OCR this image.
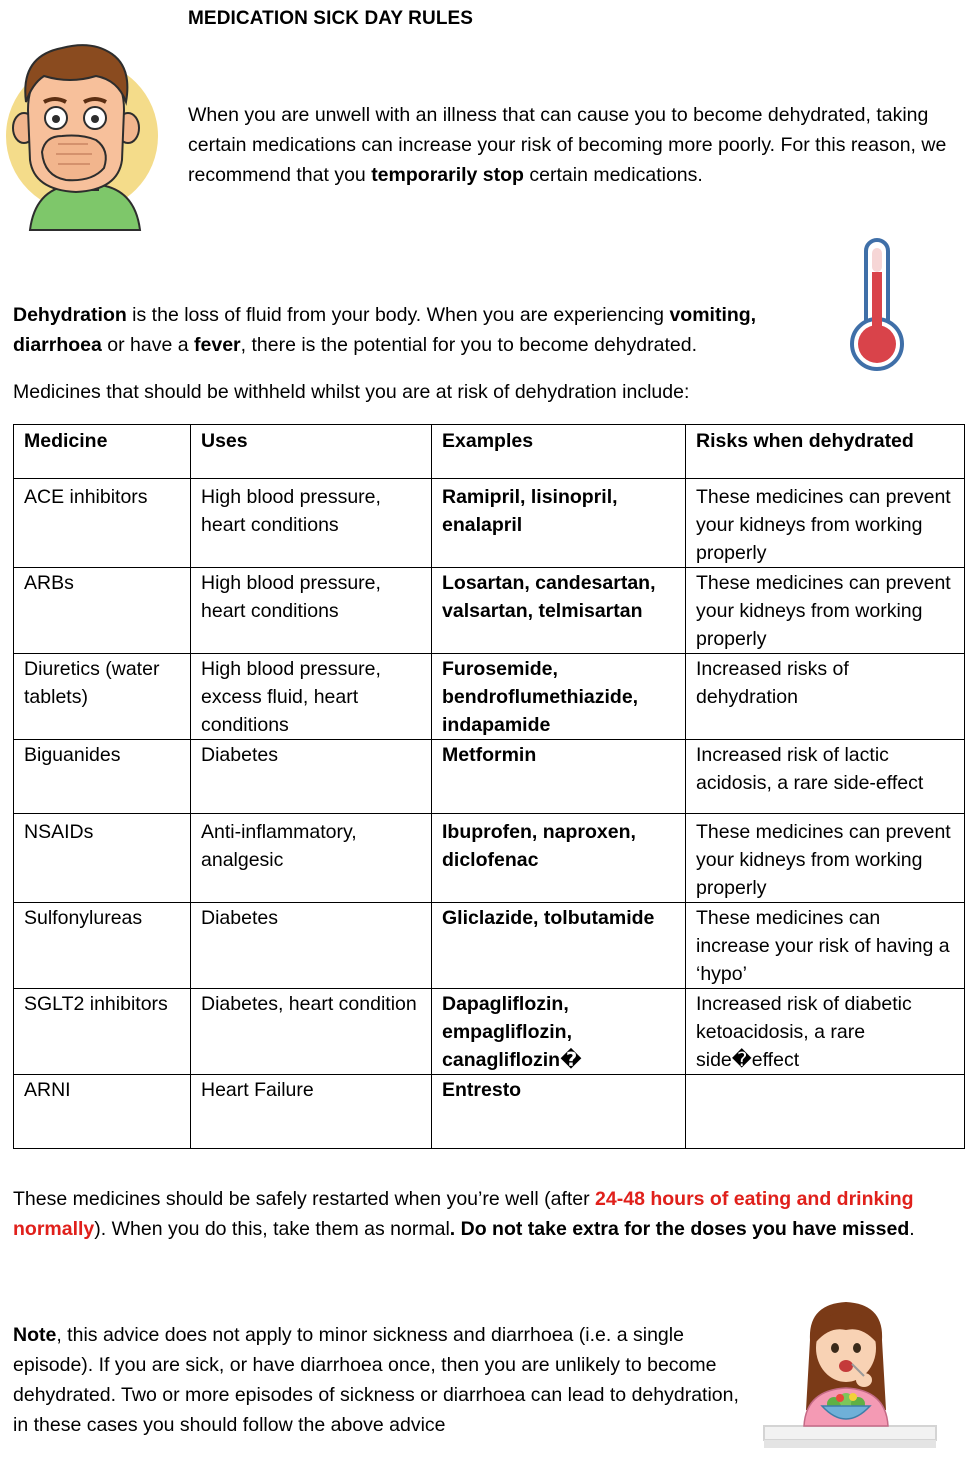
MEDICATION SICK DAY RULES
When you are unwell with an illness that can cause you to become dehydrated, taking certain medications can increase your risk of becoming more poorly. For this reason, we recommend that you temporarily stop certain medications.
Dehydration is the loss of fluid from your body. When you are experiencing vomiting,
diarrhoea or have a fever, there is the potential for you to become dehydrated.
Medicines that should be withheld whilst you are at risk of dehydration include:
Medicine	Uses	Examples	Risks when dehydrated
ACE inhibitors	High blood pressure, heart conditions	Ramipril, lisinopril, enalapril	These medicines can prevent your kidneys from working properly
ARBs	High blood pressure, heart conditions	Losartan, candesartan, valsartan, telmisartan	These medicines can prevent your kidneys from working properly
Diuretics (water tablets)	High blood pressure, excess fluid, heart conditions	Furosemide, bendroflumethiazide, indapamide	Increased risks of dehydration
Biguanides	Diabetes	Metformin	Increased risk of lactic acidosis, a rare side-effect
NSAIDs	Anti-inflammatory, analgesic	Ibuprofen, naproxen, diclofenac	These medicines can prevent your kidneys from working properly
Sulfonylureas	Diabetes	Gliclazide, tolbutamide	These medicines can increase your risk of having a ‘hypo’
SGLT2 inhibitors	Diabetes, heart condition	Dapagliflozin, empagliflozin, canagliflozin�	Increased risk of diabetic ketoacidosis, a rare side�effect
ARNI	Heart Failure	Entresto	
These medicines should be safely restarted when you’re well (after 24-48 hours of eating and drinking normally). When you do this, take them as normal. Do not take extra for the doses you have missed.
Note, this advice does not apply to minor sickness and diarrhoea (i.e. a single episode). If you are sick, or have diarrhoea once, then you are unlikely to become dehydrated. Two or more episodes of sickness or diarrhoea can lead to dehydration, in these cases you should follow the above advice
